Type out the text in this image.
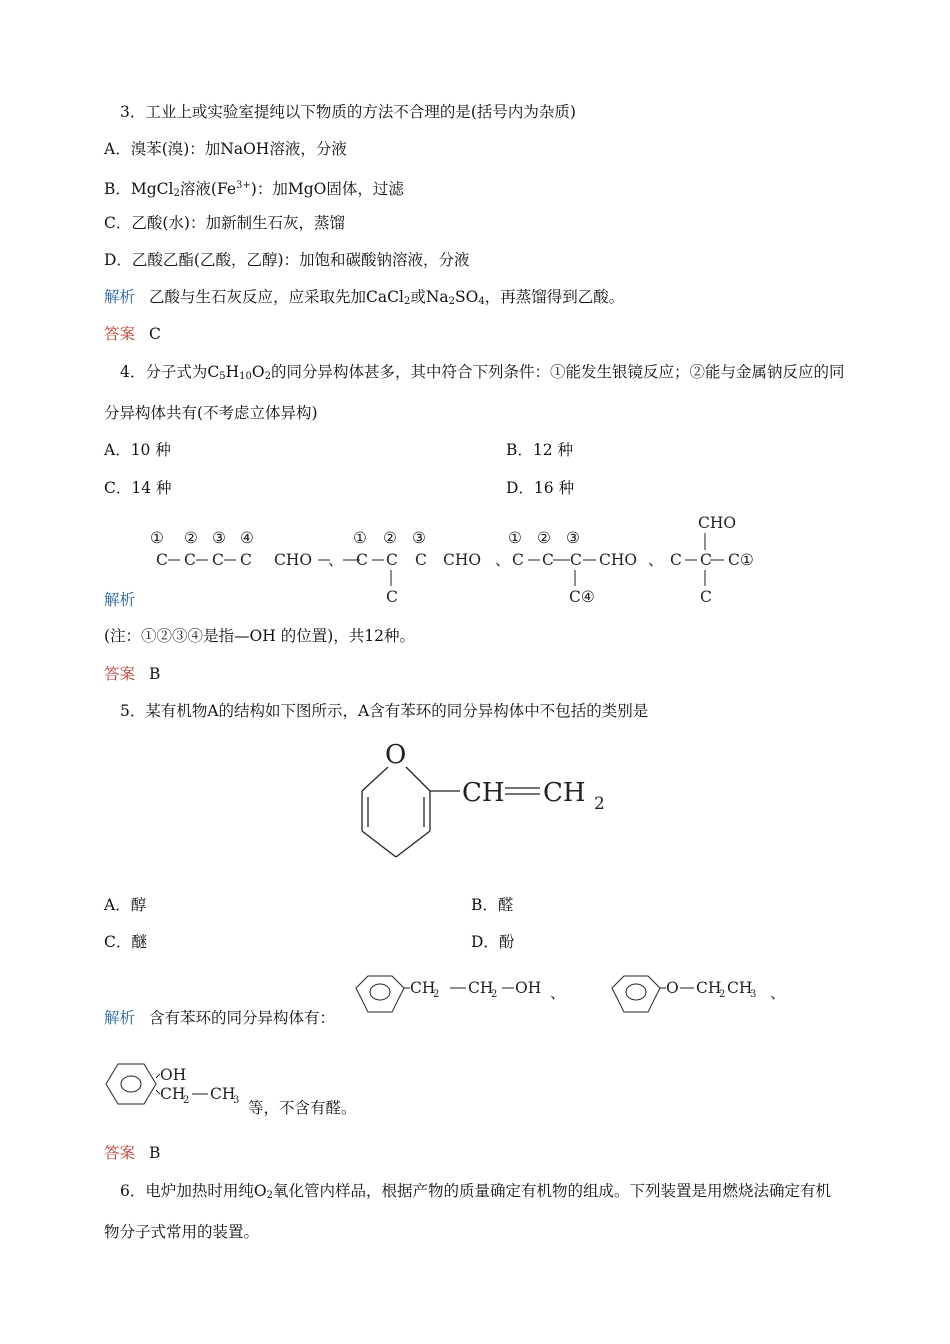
3．工业上或实验室提纯以下物质的方法不合理的是(括号内为杂质)
A．溴苯(溴)：加NaOH溶液，分液
B．MgCl$_2$溶液$(Fe^{3+})$：加MgO固体，过滤
C．乙酸(水)：加新制生石灰，蒸馏
D．乙酸乙酯(乙酸，乙醇)：加饱和碳酸钠溶液，分液
解析 乙酸与生石灰反应，应采取先加CaCl$_2$或$Na_2SO_4$，再蒸馏得到乙酸。
答案 C
4．分子式为$C_5H_{10}O_2$的同分异构体甚多，其中符合下列条件：①能发生银镜反应；②能与金属钠反应的同
分异构体共有(不考虑立体异构)
A．10 种	B．12 种
C．14 种	D．16 种
① ② ③ ④
C C C C CHO 、
① ② ③
C C C CHO
C
、
① ② ③
C C C CHO
C④
、 C
CHO
C C①
C
解析
(注：①②③④是指—OH 的位置)，共12种。
答案 B
5．某有机物A的结构如下图所示，A含有苯环的同分异构体中不包括的类别是
O
CH CH 2
A．醇	B．醛
C．醚	D．酚
解析 含有苯环的同分异构体有：
CH
2 CH
2 OH 、	O CH
2 CH
3 、
OH
CH
2 CH
3 等，不含有醛。
答案 B
6．电炉加热时用纯$O_2$氧化管内样品，根据产物的质量确定有机物的组成。下列装置是用燃烧法确定有机
物分子式常用的装置。
